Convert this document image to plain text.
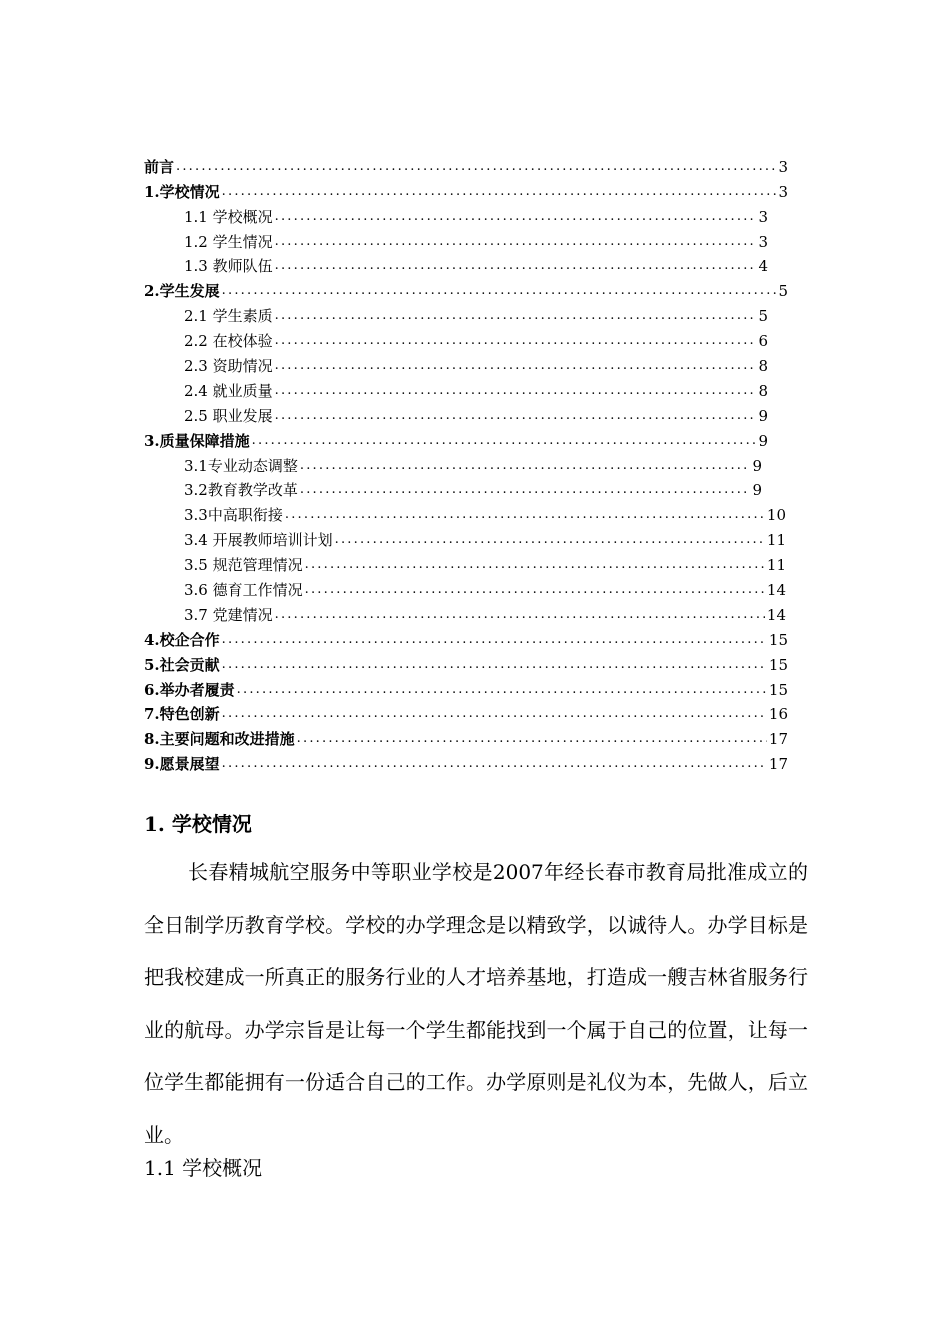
前言 .....	3
1.学校情况 .....	3
1.1 学校概况 .....	3
1.2 学生情况 .....	3
1.3 教师队伍 .....	4
2.学生发展 .....	5
2.1 学生素质 .....	5
2.2 在校体验 .....	6
2.3 资助情况 .....	8
2.4 就业质量 .....	8
2.5 职业发展 .....	9
3.质量保障措施 .....	9
3.1专业动态调整 .....	9
3.2教育教学改革 .....	9
3.3中高职衔接 .....	10
3.4 开展教师培训计划 .....	11
3.5 规范管理情况 .....	11
3.6 德育工作情况 .....	14
3.7 党建情况 .....	14
4.校企合作 .....	15
5.社会贡献 .....	15
6.举办者履责 .....	15
7.特色创新 .....	16
8.主要问题和改进措施 .....	17
9.愿景展望 .....	17
1. 学校情况

长春精城航空服务中等职业学校是2007年经长春市教育局批准成立的全日制学历教育学校。学校的办学理念是以精致学，以诚待人。办学目标是把我校建成一所真正的服务行业的人才培养基地，打造成一艘吉林省服务行业的航母。办学宗旨是让每一个学生都能找到一个属于自己的位置，让每一位学生都能拥有一份适合自己的工作。办学原则是礼仪为本，先做人，后立业。

1.1 学校概况
